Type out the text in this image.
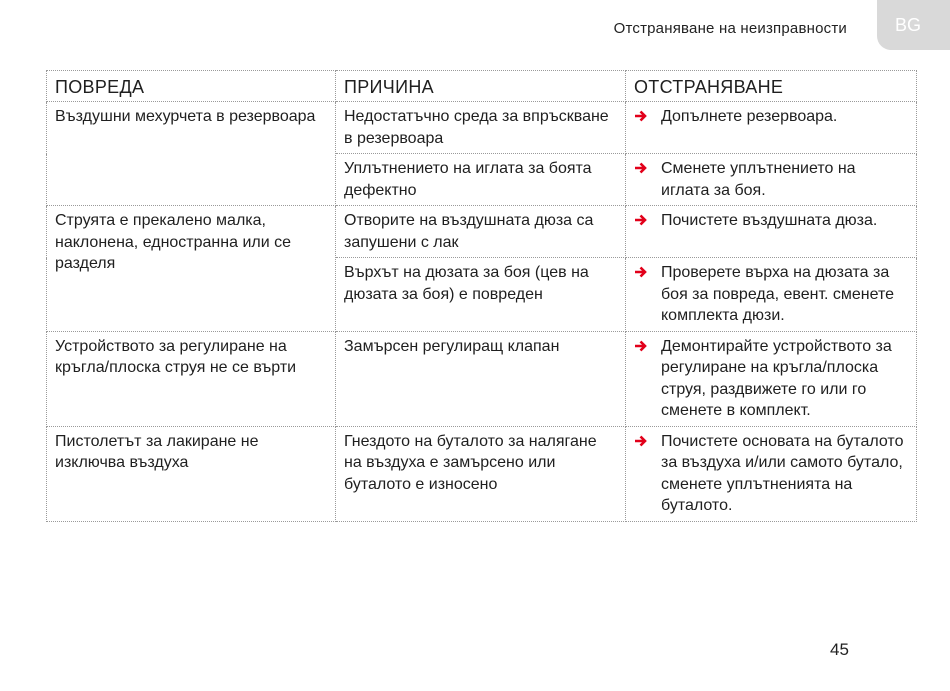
Отстраняване на неизправности	BG
ПОВРЕДА	ПРИЧИНА	ОТСТРАНЯВАНЕ
Въздушни мехурчета в резервоара	Недостатъчно среда за впръскване в резервоара	Допълнете резервоара.

	Уплътнението на иглата за боята дефектно	Сменете уплътнението на иглата за боя.

Струята е прекалено малка, наклонена, едностранна или се разделя	Отворите на въздушната дюза са запушени с лак	Почистете въздушната дюза.

	Върхът на дюзата за боя (цев на дюзата за боя) е повреден	Проверете върха на дюзата за боя за повреда, евент. сменете комплекта дюзи.

Устройството за регулиране на кръгла/плоска струя не се върти	Замърсен регулиращ клапан	Демонтирайте устройството за регулиране на кръгла/плоска струя, раздвижете го или го сменете в комплект.

Пистолетът за лакиране не изключва въздуха	Гнездото на буталото за налягане на въздуха е замърсено или буталото е износено	Почистете основата на буталото за въздуха и/или самото бутало, сменете уплътненията на буталото.
45
